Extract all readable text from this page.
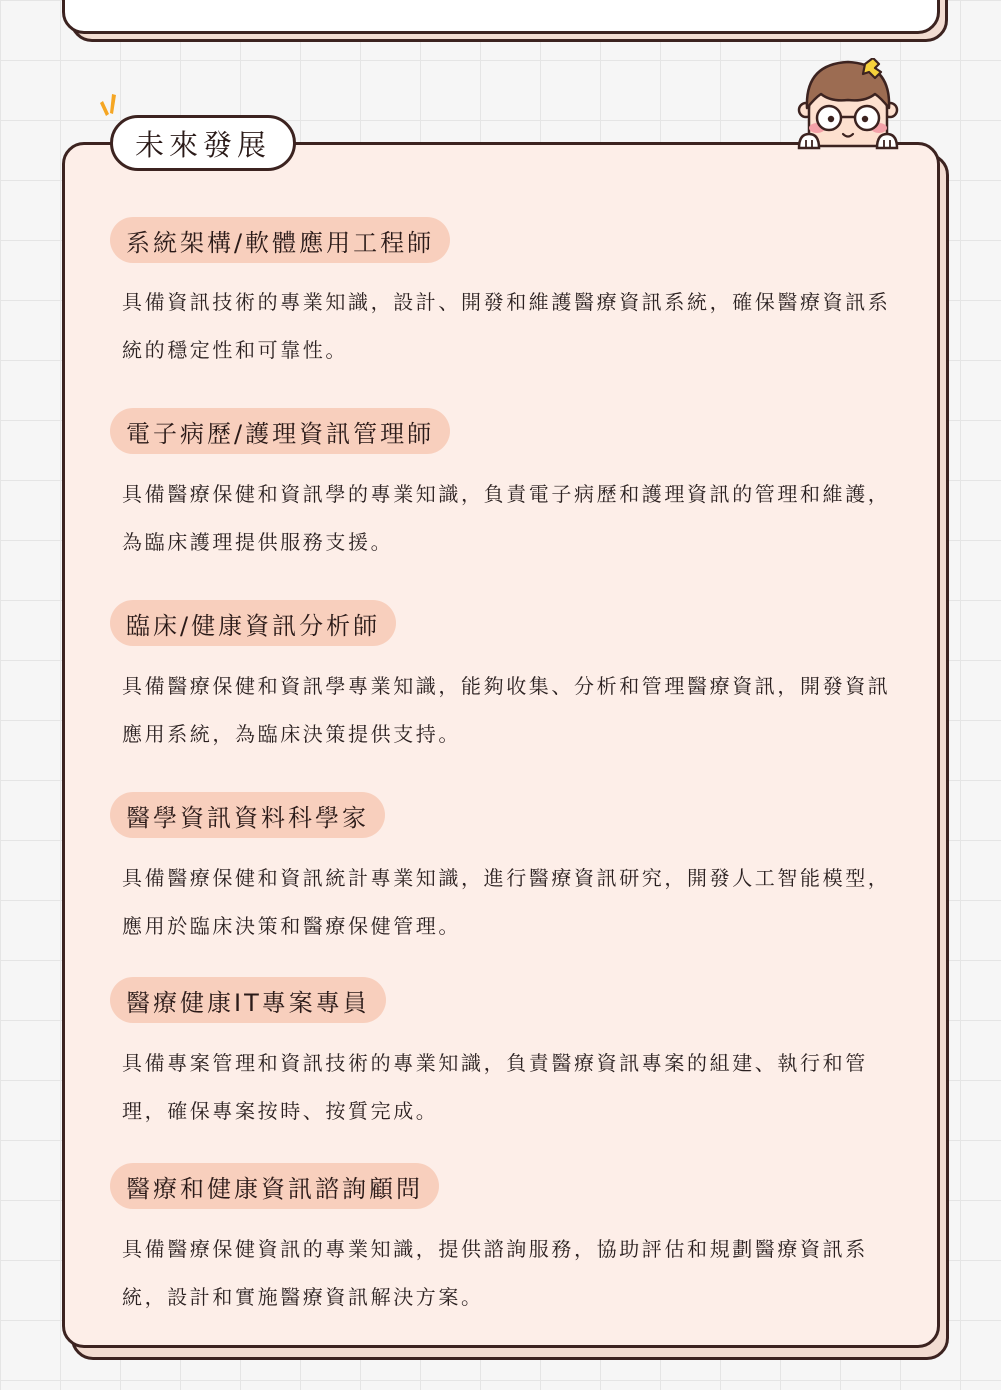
未來發展
系統架構/軟體應用工程師

具備資訊技術的專業知識，設計、開發和維護醫療資訊系統，確保醫療資訊系統的穩定性和可靠性。

電子病歷/護理資訊管理師

具備醫療保健和資訊學的專業知識，負責電子病歷和護理資訊的管理和維護，為臨床護理提供服務支援。

臨床/健康資訊分析師

具備醫療保健和資訊學專業知識，能夠收集、分析和管理醫療資訊，開發資訊應用系統，為臨床決策提供支持。

醫學資訊資料科學家

具備醫療保健和資訊統計專業知識，進行醫療資訊研究，開發人工智能模型，應用於臨床決策和醫療保健管理。

醫療健康IT專案專員

具備專案管理和資訊技術的專業知識，負責醫療資訊專案的組建、執行和管理，確保專案按時、按質完成。

醫療和健康資訊諮詢顧問

具備醫療保健資訊的專業知識，提供諮詢服務，協助評估和規劃醫療資訊系統，設計和實施醫療資訊解決方案。
